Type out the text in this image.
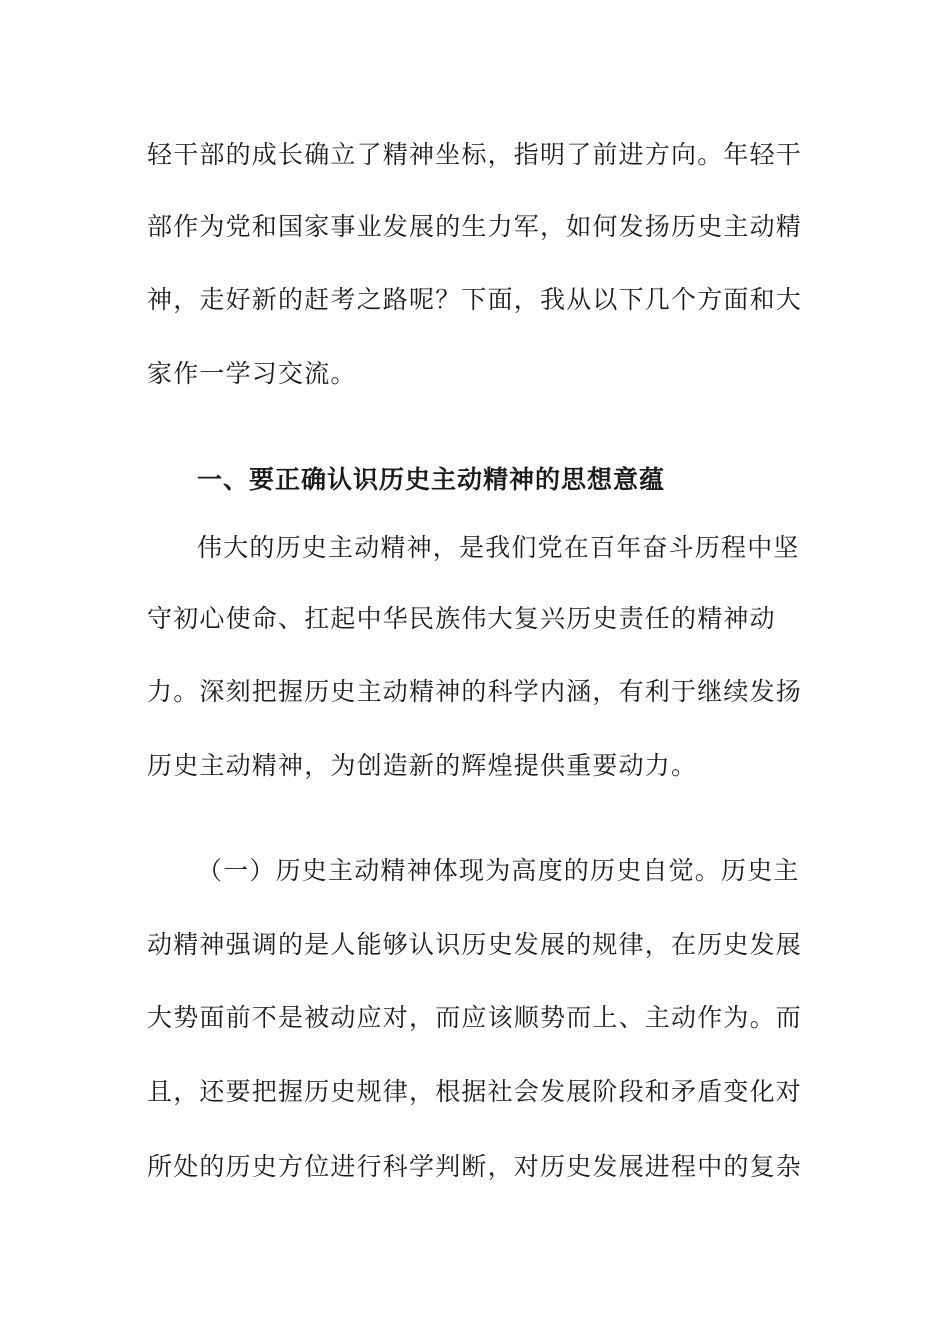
轻干部的成长确立了精神坐标，指明了前进方向。年轻干
部作为党和国家事业发展的生力军，如何发扬历史主动精
神，走好新的赶考之路呢？下面，我从以下几个方面和大
家作一学习交流。
一、要正确认识历史主动精神的思想意蕴
伟大的历史主动精神，是我们党在百年奋斗历程中坚
守初心使命、扛起中华民族伟大复兴历史责任的精神动
力。深刻把握历史主动精神的科学内涵，有利于继续发扬
历史主动精神，为创造新的辉煌提供重要动力。
（一）历史主动精神体现为高度的历史自觉。历史主
动精神强调的是人能够认识历史发展的规律，在历史发展
大势面前不是被动应对，而应该顺势而上、主动作为。而
且，还要把握历史规律，根据社会发展阶段和矛盾变化对
所处的历史方位进行科学判断，对历史发展进程中的复杂
